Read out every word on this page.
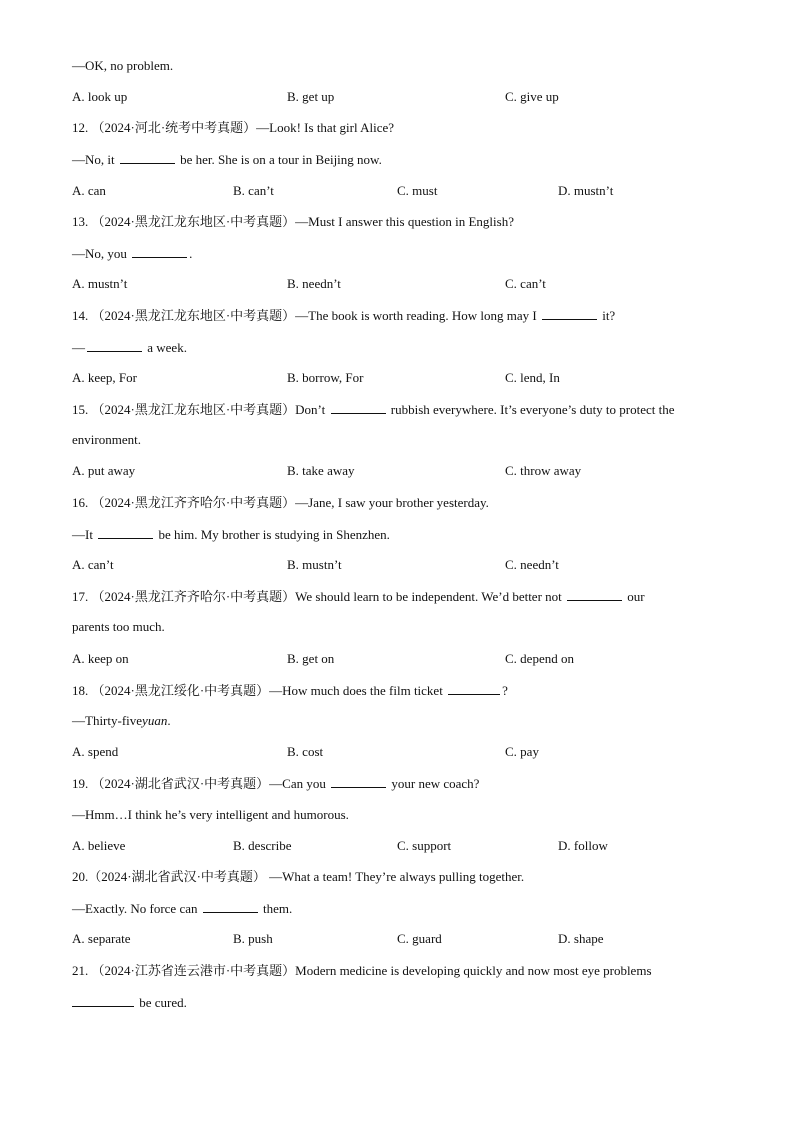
—OK, no problem.
A. look up	B. get up	C. give up
12. （2024·河北·统考中考真题）—Look! Is that girl Alice?
—No, it	be her. She is on a tour in Beijing now.
A. can	B. can’t	C. must	D. mustn’t
13. （2024·黑龙江龙东地区·中考真题）—Must I answer this question in English?
—No, you	.
A. mustn’t	B. needn’t	C. can’t
14. （2024·黑龙江龙东地区·中考真题）—The book is worth reading. How long may I	it?
—	a week.
A. keep, For	B. borrow, For	C. lend, In
15. （2024·黑龙江龙东地区·中考真题）Don’t	rubbish everywhere. It’s everyone’s duty to protect the
environment.
A. put away	B. take away	C. throw away
16. （2024·黑龙江齐齐哈尔·中考真题）—Jane, I saw your brother yesterday.
—It	be him. My brother is studying in Shenzhen.
A. can’t	B. mustn’t	C. needn’t
17. （2024·黑龙江齐齐哈尔·中考真题）We should learn to be independent. We’d better not	our
parents too much.
A. keep on	B. get on	C. depend on
18. （2024·黑龙江绥化·中考真题）—How much does the film ticket	?
—Thirty-fiveyuan.
A. spend	B. cost	C. pay
19. （2024·湖北省武汉·中考真题）—Can you	your new coach?
—Hmm…I think he’s very intelligent and humorous.
A. believe	B. describe	C. support	D. follow
20.（2024·湖北省武汉·中考真题） —What a team! They’re always pulling together.
—Exactly. No force can	them.
A. separate	B. push	C. guard	D. shape
21. （2024·江苏省连云港市·中考真题）Modern medicine is developing quickly and now most eye problems
be cured.
